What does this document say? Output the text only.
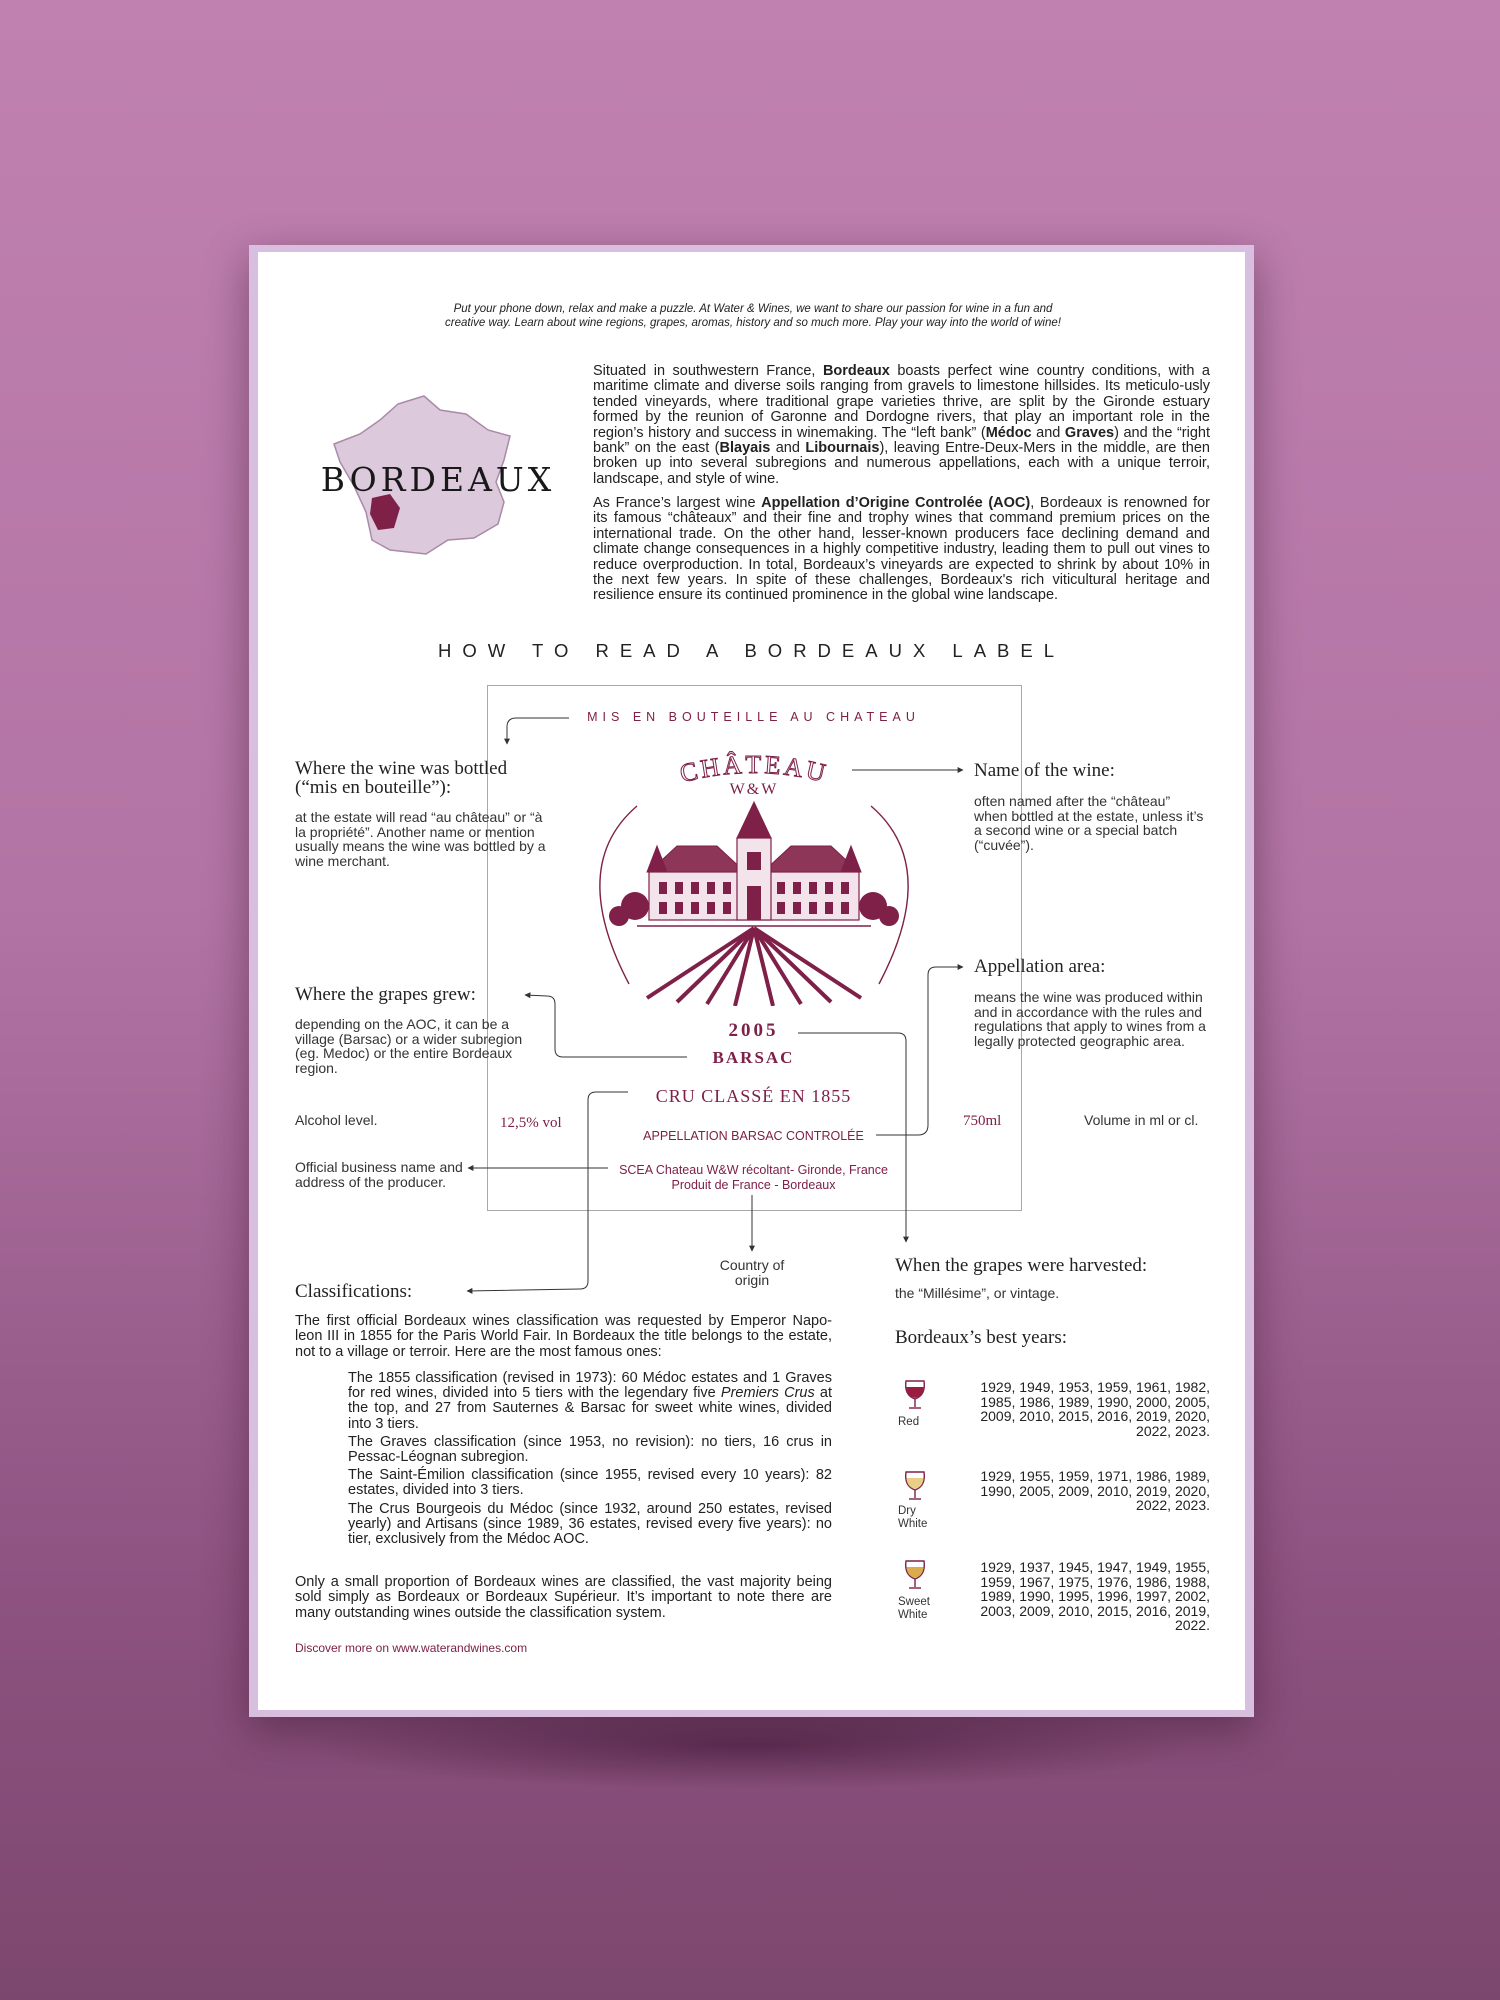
Put your phone down, relax and make a puzzle. At Water & Wines, we want to share our passion for wine in a fun and creative way. Learn about wine regions, grapes, aromas, history and so much more. Play your way into the world of wine!
BORDEAUX
Situated in southwestern France, Bordeaux boasts perfect wine country conditions, with a maritime climate and diverse soils ranging from gravels to limestone hillsides. Its meticulo-usly tended vineyards, where traditional grape varieties thrive, are split by the Gironde estuary formed by the reunion of Garonne and Dordogne rivers, that play an important role in the region’s history and success in winemaking. The “left bank” (Médoc and Graves) and the “right bank” on the east (Blayais and Libournais), leaving Entre-Deux-Mers in the middle, are then broken up into several subregions and numerous appellations, each with a unique terroir, landscape, and style of wine.
As France’s largest wine Appellation d’Origine Controlée (AOC), Bordeaux is renowned for its famous “châteaux” and their fine and trophy wines that command premium prices on the international trade. On the other hand, lesser-known producers face declining demand and climate change consequences in a highly competitive industry, leading them to pull out vines to reduce overproduction. In total, Bordeaux’s vineyards are expected to shrink by about 10% in the next few years. In spite of these challenges, Bordeaux's rich viticultural heritage and resilience ensure its continued prominence in the global wine landscape.
HOW TO READ A BORDEAUX LABEL
MIS EN BOUTEILLE AU CHATEAU
CHÂTEAU
W&W
2005
BARSAC
CRU CLASSÉ EN 1855
12,5% vol	750ml
APPELLATION BARSAC CONTROLÉE
SCEA Chateau W&W récoltant- Gironde, France
Produit de France - Bordeaux
Where the wine was bottled (“mis en bouteille”):
at the estate will read “au château” or “à la propriété”. Another name or mention usually means the wine was bottled by a wine merchant.
Name of the wine:
often named after the “château” when bottled at the estate, unless it’s a second wine or a special batch (“cuvée”).
Where the grapes grew:
depending on the AOC, it can be a village (Barsac) or a wider subregion (eg. Medoc) or the entire Bordeaux region.
Appellation area:
means the wine was produced within and in accordance with the rules and regulations that apply to wines from a legally protected geographic area.
Alcohol level.	Volume in ml or cl.
Official business name and address of the producer.
Country of origin
When the grapes were harvested:
the “Millésime”, or vintage.
Classifications:
The first official Bordeaux wines classification was requested by Emperor Napo-leon III in 1855 for the Paris World Fair. In Bordeaux the title belongs to the estate, not to a village or terroir. Here are the most famous ones:
The 1855 classification (revised in 1973): 60 Médoc estates and 1 Graves for red wines, divided into 5 tiers with the legendary five Premiers Crus at the top, and 27 from Sauternes & Barsac for sweet white wines, divided into 3 tiers.
The Graves classification (since 1953, no revision): no tiers, 16 crus in Pessac-Léognan subregion.
The Saint-Émilion classification (since 1955, revised every 10 years): 82 estates, divided into 3 tiers.
The Crus Bourgeois du Médoc (since 1932, around 250 estates, revised yearly) and Artisans (since 1989, 36 estates, revised every five years): no tier, exclusively from the Médoc AOC.
Only a small proportion of Bordeaux wines are classified, the vast majority being sold simply as Bordeaux or Bordeaux Supérieur. It’s important to note there are many outstanding wines outside the classification system.
Bordeaux’s best years:
Red
1929, 1949, 1953, 1959, 1961, 1982, 1985, 1986, 1989, 1990, 2000, 2005, 2009, 2010, 2015, 2016, 2019, 2020, 2022, 2023.
Dry White
1929, 1955, 1959, 1971, 1986, 1989, 1990, 2005, 2009, 2010, 2019, 2020, 2022, 2023.
Sweet White
1929, 1937, 1945, 1947, 1949, 1955, 1959, 1967, 1975, 1976, 1986, 1988, 1989, 1990, 1995, 1996, 1997, 2002, 2003, 2009, 2010, 2015, 2016, 2019, 2022.
Discover more on www.waterandwines.com
